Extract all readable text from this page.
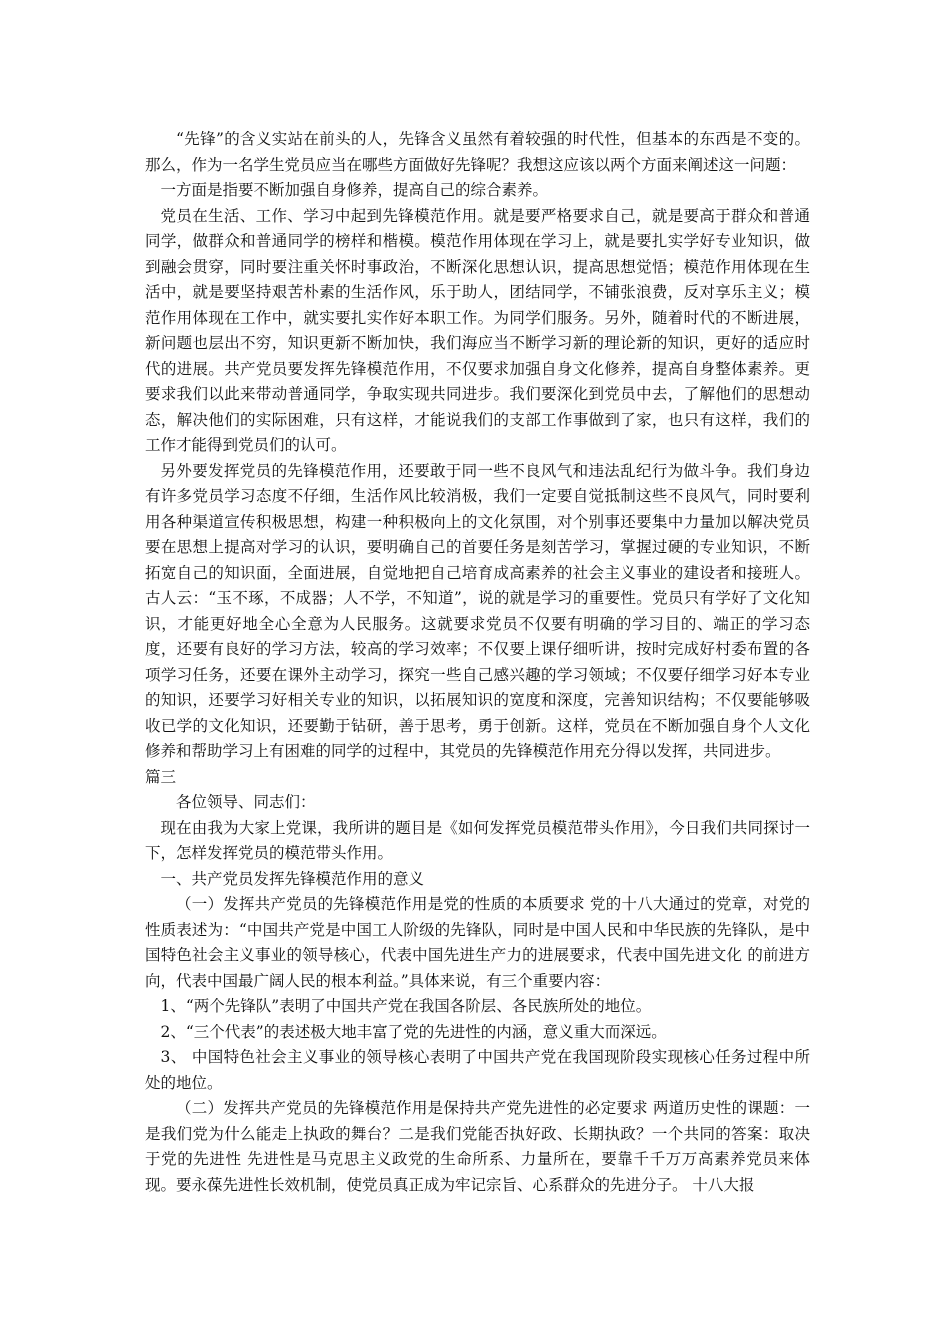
“先锋”的含义实站在前头的人，先锋含义虽然有着较强的时代性，但基本的东西是不变的。那么，作为一名学生党员应当在哪些方面做好先锋呢？我想这应该以两个方面来阐述这一问题：

一方面是指要不断加强自身修养，提高自己的综合素养。

党员在生活、工作、学习中起到先锋模范作用。就是要严格要求自己，就是要高于群众和普通同学，做群众和普通同学的榜样和楷模。模范作用体现在学习上，就是要扎实学好专业知识，做到融会贯穿，同时要注重关怀时事政治，不断深化思想认识，提高思想觉悟；模范作用体现在生活中，就是要坚持艰苦朴素的生活作风，乐于助人，团结同学，不铺张浪费，反对享乐主义；模范作用体现在工作中，就实要扎实作好本职工作。为同学们服务。另外，随着时代的不断进展，新问题也层出不穷，知识更新不断加快，我们海应当不断学习新的理论新的知识，更好的适应时代的进展。共产党员要发挥先锋模范作用，不仅要求加强自身文化修养，提高自身整体素养。更要求我们以此来带动普通同学，争取实现共同进步。我们要深化到党员中去，了解他们的思想动态，解决他们的实际困难，只有这样，才能说我们的支部工作事做到了家，也只有这样，我们的工作才能得到党员们的认可。

另外要发挥党员的先锋模范作用，还要敢于同一些不良风气和违法乱纪行为做斗争。我们身边有许多党员学习态度不仔细，生活作风比较消极，我们一定要自觉抵制这些不良风气，同时要利用各种渠道宣传积极思想，构建一种积极向上的文化氛围，对个别事还要集中力量加以解决党员要在思想上提高对学习的认识，要明确自己的首要任务是刻苦学习，掌握过硬的专业知识，不断拓宽自己的知识面，全面进展，自觉地把自己培育成高素养的社会主义事业的建设者和接班人。古人云：“玉不琢，不成器；人不学，不知道”，说的就是学习的重要性。党员只有学好了文化知识，才能更好地全心全意为人民服务。这就要求党员不仅要有明确的学习目的、端正的学习态度，还要有良好的学习方法，较高的学习效率；不仅要上课仔细听讲，按时完成好村委布置的各项学习任务，还要在课外主动学习，探究一些自己感兴趣的学习领域；不仅要仔细学习好本专业的知识，还要学习好相关专业的知识，以拓展知识的宽度和深度，完善知识结构；不仅要能够吸收已学的文化知识，还要勤于钻研，善于思考，勇于创新。这样，党员在不断加强自身个人文化修养和帮助学习上有困难的同学的过程中，其党员的先锋模范作用充分得以发挥，共同进步。

篇三

各位领导、同志们：

现在由我为大家上党课，我所讲的题目是《如何发挥党员模范带头作用》，今日我们共同探讨一下，怎样发挥党员的模范带头作用。

一、共产党员发挥先锋模范作用的意义

（一）发挥共产党员的先锋模范作用是党的性质的本质要求 党的十八大通过的党章，对党的性质表述为：“中国共产党是中国工人阶级的先锋队，同时是中国人民和中华民族的先锋队，是中国特色社会主义事业的领导核心，代表中国先进生产力的进展要求，代表中国先进文化 的前进方向，代表中国最广阔人民的根本利益。”具体来说，有三个重要内容：

1、“两个先锋队”表明了中国共产党在我国各阶层、各民族所处的地位。

2、“三个代表”的表述极大地丰富了党的先进性的内涵，意义重大而深远。

3、 中国特色社会主义事业的领导核心表明了中国共产党在我国现阶段实现核心任务过程中所处的地位。

（二）发挥共产党员的先锋模范作用是保持共产党先进性的必定要求 两道历史性的课题：一是我们党为什么能走上执政的舞台？二是我们党能否执好政、长期执政？一个共同的答案：取决于党的先进性 先进性是马克思主义政党的生命所系、力量所在，要靠千千万万高素养党员来体现。要永葆先进性长效机制，使党员真正成为牢记宗旨、心系群众的先进分子。 十八大报
